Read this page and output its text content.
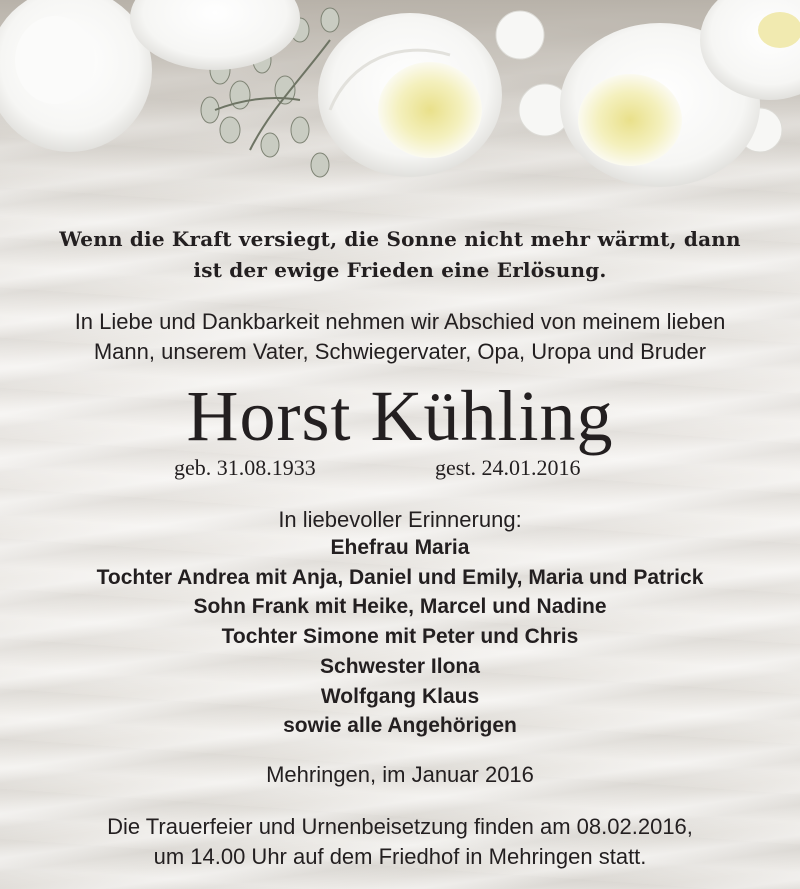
Wenn die Kraft versiegt, die Sonne nicht mehr wärmt, dann
ist der ewige Frieden eine Erlösung.
In Liebe und Dankbarkeit nehmen wir Abschied von meinem lieben
Mann, unserem Vater, Schwiegervater, Opa, Uropa und Bruder
Horst Kühling
geb. 31.08.1933	gest. 24.01.2016
In liebevoller Erinnerung:
Ehefrau Maria
Tochter Andrea mit Anja, Daniel und Emily, Maria und Patrick
Sohn Frank mit Heike, Marcel und Nadine
Tochter Simone mit Peter und Chris
Schwester Ilona
Wolfgang Klaus
sowie alle Angehörigen
Mehringen, im Januar 2016
Die Trauerfeier und Urnenbeisetzung finden am 08.02.2016,
um 14.00 Uhr auf dem Friedhof in Mehringen statt.
